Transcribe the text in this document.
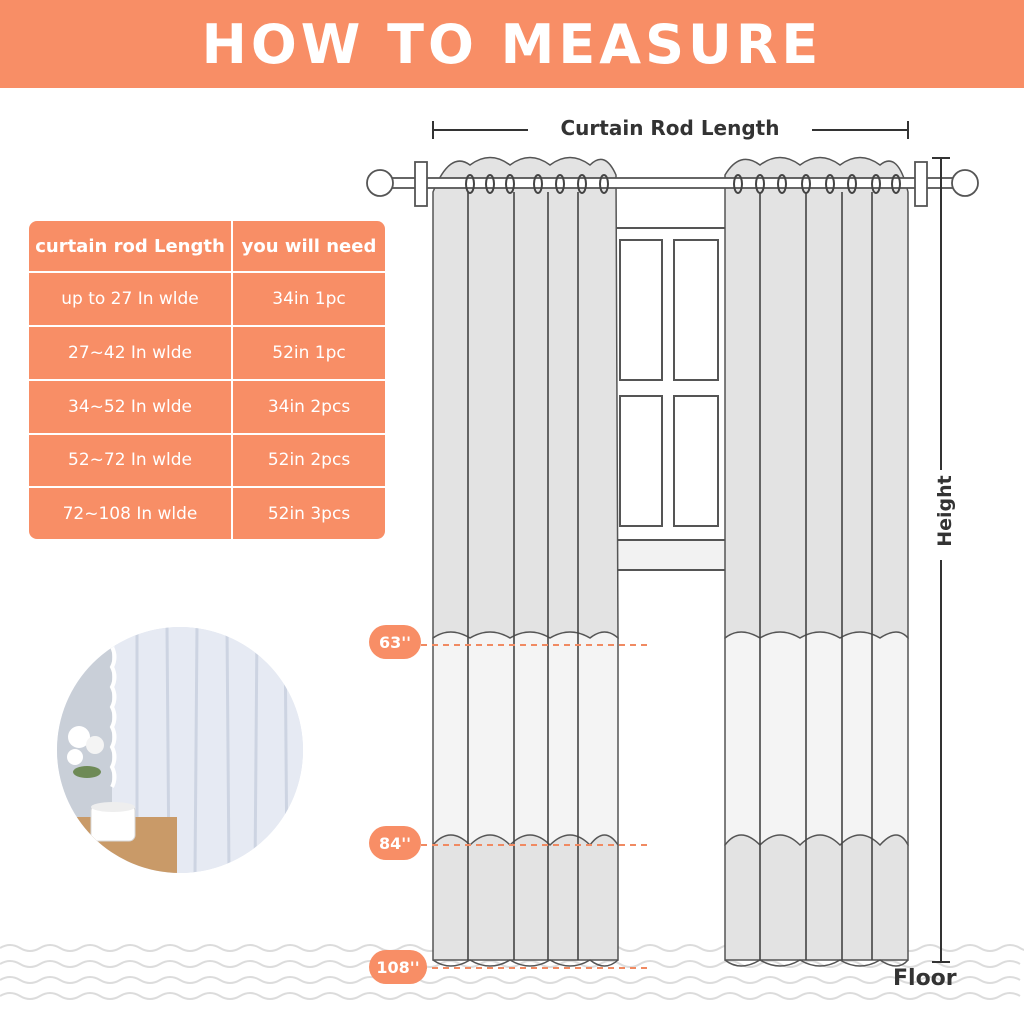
HOW TO MEASURE
curtain rod Length	you will need
up to 27 In wlde	34in 1pc
27~42 In wlde	52in 1pc
34~52 In wlde	34in 2pcs
52~72 In wlde	52in 2pcs
72~108 In wlde	52in 3pcs
Curtain Rod Length
Height
Floor
63''
84''
108''
